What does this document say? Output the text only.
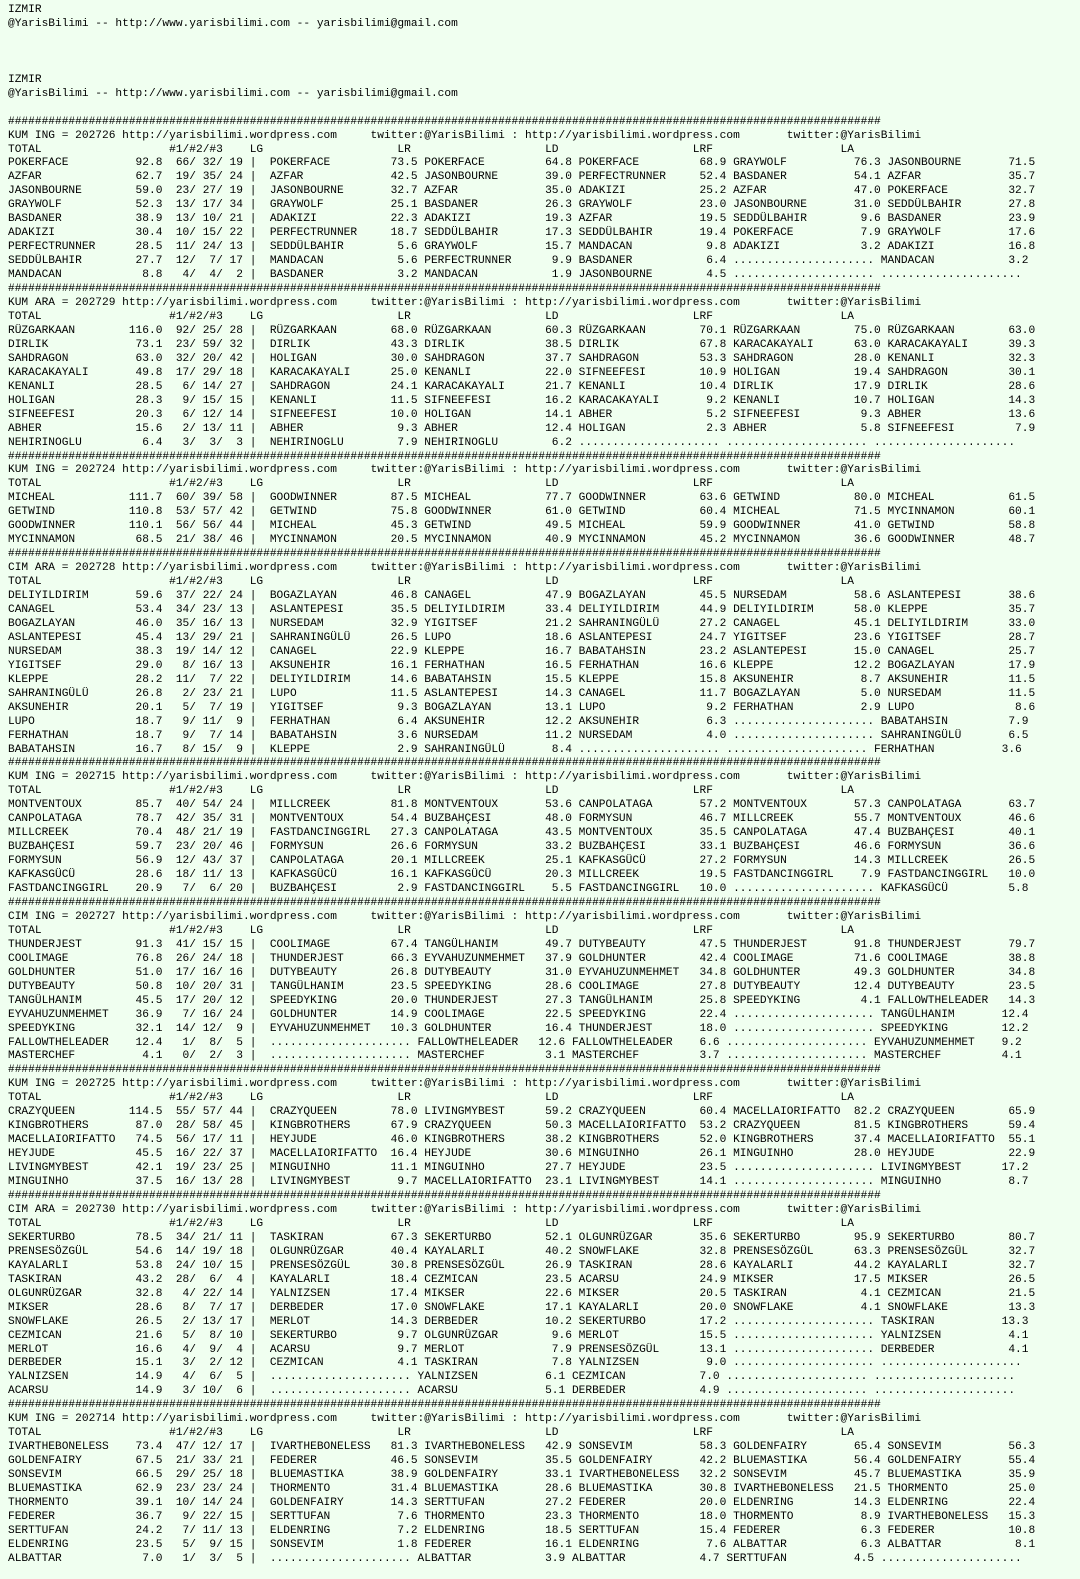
IZMIR
@YarisBilimi -- http://www.yarisbilimi.com -- yarisbilimi@gmail.com

IZMIR
@YarisBilimi -- http://www.yarisbilimi.com -- yarisbilimi@gmail.com

##################################################################################################################################
KUM ING = 202726 http://yarisbilimi.wordpress.com     twitter:@YarisBilimi : http://yarisbilimi.wordpress.com       twitter:@YarisBilimi
TOTAL                   #1/#2/#3    LG                    LR                    LD                    LRF                   LA
POKERFACE          92.8  66/ 32/ 19 |  POKERFACE         73.5 POKERFACE         64.8 POKERFACE         68.9 GRAYWOLF          76.3 JASONBOURNE       71.5
AZFAR              62.7  19/ 35/ 24 |  AZFAR             42.5 JASONBOURNE       39.0 PERFECTRUNNER     52.4 BASDANER          54.1 AZFAR             35.7
JASONBOURNE        59.0  23/ 27/ 19 |  JASONBOURNE       32.7 AZFAR             35.0 ADAKIZI           25.2 AZFAR             47.0 POKERFACE         32.7
GRAYWOLF           52.3  13/ 17/ 34 |  GRAYWOLF          25.1 BASDANER          26.3 GRAYWOLF          23.0 JASONBOURNE       31.0 SEDDÜLBAHIR       27.8
BASDANER           38.9  13/ 10/ 21 |  ADAKIZI           22.3 ADAKIZI           19.3 AZFAR             19.5 SEDDÜLBAHIR        9.6 BASDANER          23.9
ADAKIZI            30.4  10/ 15/ 22 |  PERFECTRUNNER     18.7 SEDDÜLBAHIR       17.3 SEDDÜLBAHIR       19.4 POKERFACE          7.9 GRAYWOLF          17.6
PERFECTRUNNER      28.5  11/ 24/ 13 |  SEDDÜLBAHIR        5.6 GRAYWOLF          15.7 MANDACAN           9.8 ADAKIZI            3.2 ADAKIZI           16.8
SEDDÜLBAHIR        27.7  12/  7/ 17 |  MANDACAN           5.6 PERFECTRUNNER      9.9 BASDANER           6.4 ..................... MANDACAN           3.2
MANDACAN            8.8   4/  4/  2 |  BASDANER           3.2 MANDACAN           1.9 JASONBOURNE        4.5 ..................... .....................
##################################################################################################################################
KUM ARA = 202729 http://yarisbilimi.wordpress.com     twitter:@YarisBilimi : http://yarisbilimi.wordpress.com       twitter:@YarisBilimi
TOTAL                   #1/#2/#3    LG                    LR                    LD                    LRF                   LA
RÜZGARKAAN        116.0  92/ 25/ 28 |  RÜZGARKAAN        68.0 RÜZGARKAAN        60.3 RÜZGARKAAN        70.1 RÜZGARKAAN        75.0 RÜZGARKAAN        63.0
DIRLIK             73.1  23/ 59/ 32 |  DIRLIK            43.3 DIRLIK            38.5 DIRLIK            67.8 KARACAKAYALI      63.0 KARACAKAYALI      39.3
SAHDRAGON          63.0  32/ 20/ 42 |  HOLIGAN           30.0 SAHDRAGON         37.7 SAHDRAGON         53.3 SAHDRAGON         28.0 KENANLI           32.3
KARACAKAYALI       49.8  17/ 29/ 18 |  KARACAKAYALI      25.0 KENANLI           22.0 SIFNEEFESI        10.9 HOLIGAN           19.4 SAHDRAGON         30.1
KENANLI            28.5   6/ 14/ 27 |  SAHDRAGON         24.1 KARACAKAYALI      21.7 KENANLI           10.4 DIRLIK            17.9 DIRLIK            28.6
HOLIGAN            28.3   9/ 15/ 15 |  KENANLI           11.5 SIFNEEFESI        16.2 KARACAKAYALI       9.2 KENANLI           10.7 HOLIGAN           14.3
SIFNEEFESI         20.3   6/ 12/ 14 |  SIFNEEFESI        10.0 HOLIGAN           14.1 ABHER              5.2 SIFNEEFESI         9.3 ABHER             13.6
ABHER              15.6   2/ 13/ 11 |  ABHER              9.3 ABHER             12.4 HOLIGAN            2.3 ABHER              5.8 SIFNEEFESI         7.9
NEHIRINOGLU         6.4   3/  3/  3 |  NEHIRINOGLU        7.9 NEHIRINOGLU        6.2 ..................... ..................... .....................
##################################################################################################################################
KUM ING = 202724 http://yarisbilimi.wordpress.com     twitter:@YarisBilimi : http://yarisbilimi.wordpress.com       twitter:@YarisBilimi
TOTAL                   #1/#2/#3    LG                    LR                    LD                    LRF                   LA
MICHEAL           111.7  60/ 39/ 58 |  GOODWINNER        87.5 MICHEAL           77.7 GOODWINNER        63.6 GETWIND           80.0 MICHEAL           61.5
GETWIND           110.8  53/ 57/ 42 |  GETWIND           75.8 GOODWINNER        61.0 GETWIND           60.4 MICHEAL           71.5 MYCINNAMON        60.1
GOODWINNER        110.1  56/ 56/ 44 |  MICHEAL           45.3 GETWIND           49.5 MICHEAL           59.9 GOODWINNER        41.0 GETWIND           58.8
MYCINNAMON         68.5  21/ 38/ 46 |  MYCINNAMON        20.5 MYCINNAMON        40.9 MYCINNAMON        45.2 MYCINNAMON        36.6 GOODWINNER        48.7
##################################################################################################################################
CIM ARA = 202728 http://yarisbilimi.wordpress.com     twitter:@YarisBilimi : http://yarisbilimi.wordpress.com       twitter:@YarisBilimi
TOTAL                   #1/#2/#3    LG                    LR                    LD                    LRF                   LA
DELIYILDIRIM       59.6  37/ 22/ 24 |  BOGAZLAYAN        46.8 CANAGEL           47.9 BOGAZLAYAN        45.5 NURSEDAM          58.6 ASLANTEPESI       38.6
CANAGEL            53.4  34/ 23/ 13 |  ASLANTEPESI       35.5 DELIYILDIRIM      33.4 DELIYILDIRIM      44.9 DELIYILDIRIM      58.0 KLEPPE            35.7
BOGAZLAYAN         46.0  35/ 16/ 13 |  NURSEDAM          32.9 YIGITSEF          21.2 SAHRANINGÜLÜ      27.2 CANAGEL           45.1 DELIYILDIRIM      33.0
ASLANTEPESI        45.4  13/ 29/ 21 |  SAHRANINGÜLÜ      26.5 LUPO              18.6 ASLANTEPESI       24.7 YIGITSEF          23.6 YIGITSEF          28.7
NURSEDAM           38.3  19/ 14/ 12 |  CANAGEL           22.9 KLEPPE            16.7 BABATAHSIN        23.2 ASLANTEPESI       15.0 CANAGEL           25.7
YIGITSEF           29.0   8/ 16/ 13 |  AKSUNEHIR         16.1 FERHATHAN         16.5 FERHATHAN         16.6 KLEPPE            12.2 BOGAZLAYAN        17.9
KLEPPE             28.2  11/  7/ 22 |  DELIYILDIRIM      14.6 BABATAHSIN        15.5 KLEPPE            15.8 AKSUNEHIR          8.7 AKSUNEHIR         11.5
SAHRANINGÜLÜ       26.8   2/ 23/ 21 |  LUPO              11.5 ASLANTEPESI       14.3 CANAGEL           11.7 BOGAZLAYAN         5.0 NURSEDAM          11.5
AKSUNEHIR          20.1   5/  7/ 19 |  YIGITSEF           9.3 BOGAZLAYAN        13.1 LUPO               9.2 FERHATHAN          2.9 LUPO               8.6
LUPO               18.7   9/ 11/  9 |  FERHATHAN          6.4 AKSUNEHIR         12.2 AKSUNEHIR          6.3 ..................... BABATAHSIN         7.9
FERHATHAN          18.7   9/  7/ 14 |  BABATAHSIN         3.6 NURSEDAM          11.2 NURSEDAM           4.0 ..................... SAHRANINGÜLÜ       6.5
BABATAHSIN         16.7   8/ 15/  9 |  KLEPPE             2.9 SAHRANINGÜLÜ       8.4 ..................... ..................... FERHATHAN          3.6
##################################################################################################################################
KUM ING = 202715 http://yarisbilimi.wordpress.com     twitter:@YarisBilimi : http://yarisbilimi.wordpress.com       twitter:@YarisBilimi
TOTAL                   #1/#2/#3    LG                    LR                    LD                    LRF                   LA
MONTVENTOUX        85.7  40/ 54/ 24 |  MILLCREEK         81.8 MONTVENTOUX       53.6 CANPOLATAGA       57.2 MONTVENTOUX       57.3 CANPOLATAGA       63.7
CANPOLATAGA        78.7  42/ 35/ 31 |  MONTVENTOUX       54.4 BUZBAHÇESI        48.0 FORMYSUN          46.7 MILLCREEK         55.7 MONTVENTOUX       46.6
MILLCREEK          70.4  48/ 21/ 19 |  FASTDANCINGGIRL   27.3 CANPOLATAGA       43.5 MONTVENTOUX       35.5 CANPOLATAGA       47.4 BUZBAHÇESI        40.1
BUZBAHÇESI         59.7  23/ 20/ 46 |  FORMYSUN          26.6 FORMYSUN          33.2 BUZBAHÇESI        33.1 BUZBAHÇESI        46.6 FORMYSUN          36.6
FORMYSUN           56.9  12/ 43/ 37 |  CANPOLATAGA       20.1 MILLCREEK         25.1 KAFKASGÜCÜ        27.2 FORMYSUN          14.3 MILLCREEK         26.5
KAFKASGÜCÜ         28.6  18/ 11/ 13 |  KAFKASGÜCÜ        16.1 KAFKASGÜCÜ        20.3 MILLCREEK         19.5 FASTDANCINGGIRL    7.9 FASTDANCINGGIRL   10.0
FASTDANCINGGIRL    20.9   7/  6/ 20 |  BUZBAHÇESI         2.9 FASTDANCINGGIRL    5.5 FASTDANCINGGIRL   10.0 ..................... KAFKASGÜCÜ         5.8
##################################################################################################################################
CIM ING = 202727 http://yarisbilimi.wordpress.com     twitter:@YarisBilimi : http://yarisbilimi.wordpress.com       twitter:@YarisBilimi
TOTAL                   #1/#2/#3    LG                    LR                    LD                    LRF                   LA
THUNDERJEST        91.3  41/ 15/ 15 |  COOLIMAGE         67.4 TANGÜLHANIM       49.7 DUTYBEAUTY        47.5 THUNDERJEST       91.8 THUNDERJEST       79.7
COOLIMAGE          76.8  26/ 24/ 18 |  THUNDERJEST       66.3 EYVAHUZUNMEHMET   37.9 GOLDHUNTER        42.4 COOLIMAGE         71.6 COOLIMAGE         38.8
GOLDHUNTER         51.0  17/ 16/ 16 |  DUTYBEAUTY        26.8 DUTYBEAUTY        31.0 EYVAHUZUNMEHMET   34.8 GOLDHUNTER        49.3 GOLDHUNTER        34.8
DUTYBEAUTY         50.8  10/ 20/ 31 |  TANGÜLHANIM       23.5 SPEEDYKING        28.6 COOLIMAGE         27.8 DUTYBEAUTY        12.4 DUTYBEAUTY        23.5
TANGÜLHANIM        45.5  17/ 20/ 12 |  SPEEDYKING        20.0 THUNDERJEST       27.3 TANGÜLHANIM       25.8 SPEEDYKING         4.1 FALLOWTHELEADER   14.3
EYVAHUZUNMEHMET    36.9   7/ 16/ 24 |  GOLDHUNTER        14.9 COOLIMAGE         22.5 SPEEDYKING        22.4 ..................... TANGÜLHANIM       12.4
SPEEDYKING         32.1  14/ 12/  9 |  EYVAHUZUNMEHMET   10.3 GOLDHUNTER        16.4 THUNDERJEST       18.0 ..................... SPEEDYKING        12.2
FALLOWTHELEADER    12.4   1/  8/  5 |  ..................... FALLOWTHELEADER   12.6 FALLOWTHELEADER    6.6 ..................... EYVAHUZUNMEHMET    9.2
MASTERCHEF          4.1   0/  2/  3 |  ..................... MASTERCHEF         3.1 MASTERCHEF         3.7 ..................... MASTERCHEF         4.1
##################################################################################################################################
KUM ING = 202725 http://yarisbilimi.wordpress.com     twitter:@YarisBilimi : http://yarisbilimi.wordpress.com       twitter:@YarisBilimi
TOTAL                   #1/#2/#3    LG                    LR                    LD                    LRF                   LA
CRAZYQUEEN        114.5  55/ 57/ 44 |  CRAZYQUEEN        78.0 LIVINGMYBEST      59.2 CRAZYQUEEN        60.4 MACELLAIORIFATTO  82.2 CRAZYQUEEN        65.9
KINGBROTHERS       87.0  28/ 58/ 45 |  KINGBROTHERS      67.9 CRAZYQUEEN        50.3 MACELLAIORIFATTO  53.2 CRAZYQUEEN        81.5 KINGBROTHERS      59.4
MACELLAIORIFATTO   74.5  56/ 17/ 11 |  HEYJUDE           46.0 KINGBROTHERS      38.2 KINGBROTHERS      52.0 KINGBROTHERS      37.4 MACELLAIORIFATTO  55.1
HEYJUDE            45.5  16/ 22/ 37 |  MACELLAIORIFATTO  16.4 HEYJUDE           30.6 MINGUINHO         26.1 MINGUINHO         28.0 HEYJUDE           22.9
LIVINGMYBEST       42.1  19/ 23/ 25 |  MINGUINHO         11.1 MINGUINHO         27.7 HEYJUDE           23.5 ..................... LIVINGMYBEST      17.2
MINGUINHO          37.5  16/ 13/ 28 |  LIVINGMYBEST       9.7 MACELLAIORIFATTO  23.1 LIVINGMYBEST      14.1 ..................... MINGUINHO          8.7
##################################################################################################################################
CIM ARA = 202730 http://yarisbilimi.wordpress.com     twitter:@YarisBilimi : http://yarisbilimi.wordpress.com       twitter:@YarisBilimi
TOTAL                   #1/#2/#3    LG                    LR                    LD                    LRF                   LA
SEKERTURBO         78.5  34/ 21/ 11 |  TASKIRAN          67.3 SEKERTURBO        52.1 OLGUNRÜZGAR       35.6 SEKERTURBO        95.9 SEKERTURBO        80.7
PRENSESÖZGÜL       54.6  14/ 19/ 18 |  OLGUNRÜZGAR       40.4 KAYALARLI         40.2 SNOWFLAKE         32.8 PRENSESÖZGÜL      63.3 PRENSESÖZGÜL      32.7
KAYALARLI          53.8  24/ 10/ 15 |  PRENSESÖZGÜL      30.8 PRENSESÖZGÜL      26.9 TASKIRAN          28.6 KAYALARLI         44.2 KAYALARLI         32.7
TASKIRAN           43.2  28/  6/  4 |  KAYALARLI         18.4 CEZMICAN          23.5 ACARSU            24.9 MIKSER            17.5 MIKSER            26.5
OLGUNRÜZGAR        32.8   4/ 22/ 14 |  YALNIZSEN         17.4 MIKSER            22.6 MIKSER            20.5 TASKIRAN           4.1 CEZMICAN          21.5
MIKSER             28.6   8/  7/ 17 |  DERBEDER          17.0 SNOWFLAKE         17.1 KAYALARLI         20.0 SNOWFLAKE          4.1 SNOWFLAKE         13.3
SNOWFLAKE          26.5   2/ 13/ 17 |  MERLOT            14.3 DERBEDER          10.2 SEKERTURBO        17.2 ..................... TASKIRAN          13.3
CEZMICAN           21.6   5/  8/ 10 |  SEKERTURBO         9.7 OLGUNRÜZGAR        9.6 MERLOT            15.5 ..................... YALNIZSEN          4.1
MERLOT             16.6   4/  9/  4 |  ACARSU             9.7 MERLOT             7.9 PRENSESÖZGÜL      13.1 ..................... DERBEDER           4.1
DERBEDER           15.1   3/  2/ 12 |  CEZMICAN           4.1 TASKIRAN           7.8 YALNIZSEN          9.0 ..................... .....................
YALNIZSEN          14.9   4/  6/  5 |  ..................... YALNIZSEN          6.1 CEZMICAN           7.0 ..................... .....................
ACARSU             14.9   3/ 10/  6 |  ..................... ACARSU             5.1 DERBEDER           4.9 ..................... .....................
##################################################################################################################################
KUM ING = 202714 http://yarisbilimi.wordpress.com     twitter:@YarisBilimi : http://yarisbilimi.wordpress.com       twitter:@YarisBilimi
TOTAL                   #1/#2/#3    LG                    LR                    LD                    LRF                   LA
IVARTHEBONELESS    73.4  47/ 12/ 17 |  IVARTHEBONELESS   81.3 IVARTHEBONELESS   42.9 SONSEVIM          58.3 GOLDENFAIRY       65.4 SONSEVIM          56.3
GOLDENFAIRY        67.5  21/ 33/ 21 |  FEDERER           46.5 SONSEVIM          35.5 GOLDENFAIRY       42.2 BLUEMASTIKA       56.4 GOLDENFAIRY       55.4
SONSEVIM           66.5  29/ 25/ 18 |  BLUEMASTIKA       38.9 GOLDENFAIRY       33.1 IVARTHEBONELESS   32.2 SONSEVIM          45.7 BLUEMASTIKA       35.9
BLUEMASTIKA        62.9  23/ 23/ 24 |  THORMENTO         31.4 BLUEMASTIKA       28.6 BLUEMASTIKA       30.8 IVARTHEBONELESS   21.5 THORMENTO         25.0
THORMENTO          39.1  10/ 14/ 24 |  GOLDENFAIRY       14.3 SERTTUFAN         27.2 FEDERER           20.0 ELDENRING         14.3 ELDENRING         22.4
FEDERER            36.7   9/ 22/ 15 |  SERTTUFAN          7.6 THORMENTO         23.3 THORMENTO         18.0 THORMENTO          8.9 IVARTHEBONELESS   15.3
SERTTUFAN          24.2   7/ 11/ 13 |  ELDENRING          7.2 ELDENRING         18.5 SERTTUFAN         15.4 FEDERER            6.3 FEDERER           10.8
ELDENRING          23.5   5/  9/ 15 |  SONSEVIM           1.8 FEDERER           16.1 ELDENRING          7.6 ALBATTAR           6.3 ALBATTAR           8.1
ALBATTAR            7.0   1/  3/  5 |  ..................... ALBATTAR           3.9 ALBATTAR           4.7 SERTTUFAN          4.5 .....................
